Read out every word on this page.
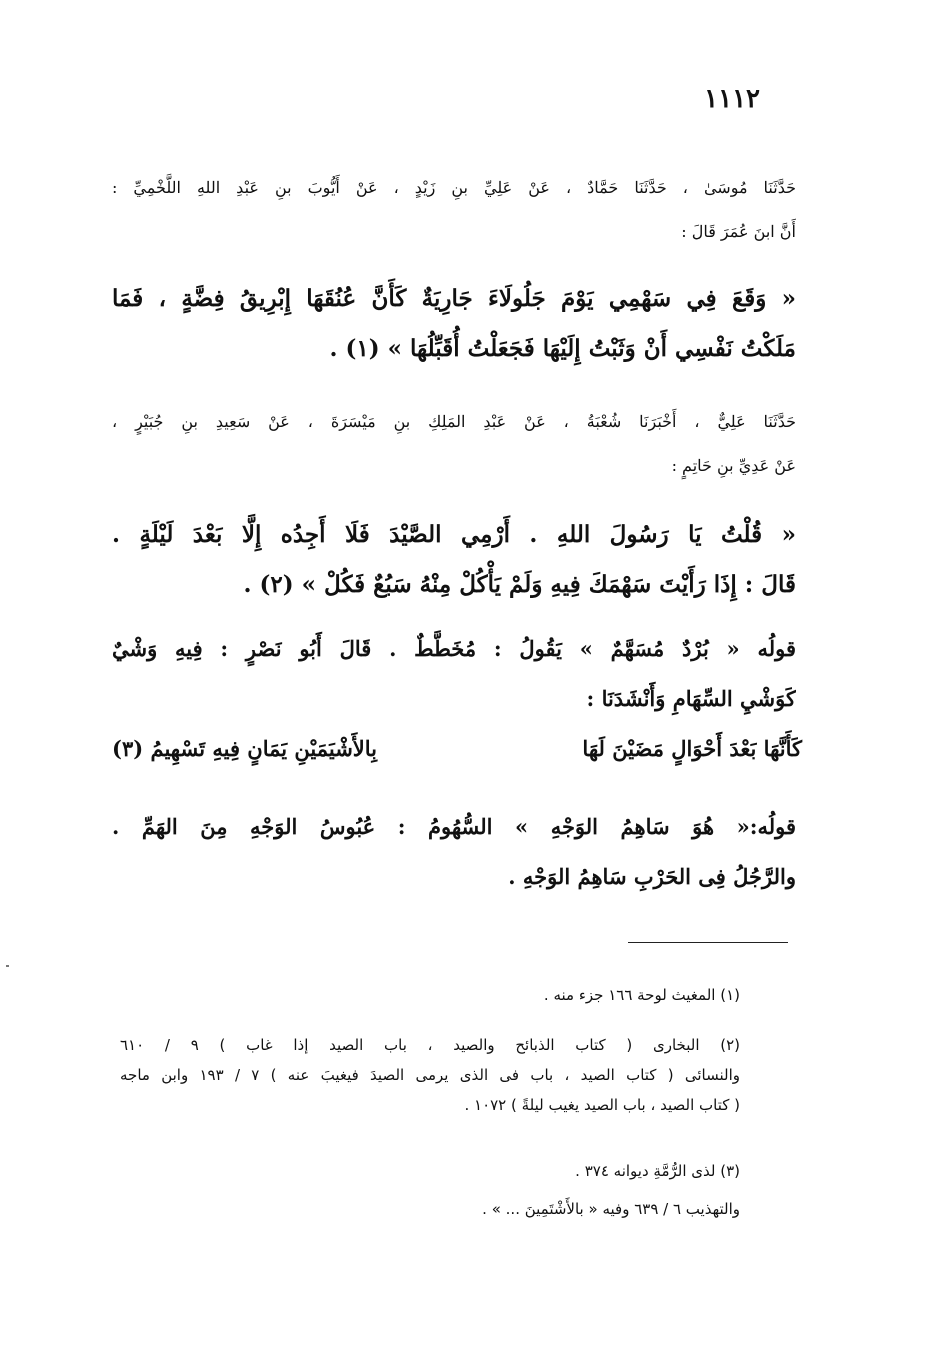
١١١٢
حَدَّثَنَا مُوسَىٰ ، حَدَّثَنَا حَمَّادٌ ، عَنْ عَلِيِّ بنِ زَيْدٍ ، عَنْ أَيُّوبَ بنِ عَبْدِ اللهِ اللَّخْمِيِّ :
أَنَّ ابنَ عُمَرَ قَالَ :
« وَقَعَ فِي سَهْمِي يَوْمَ جَلُولَاءَ جَارِيَةٌ كَأَنَّ عُنُقَهَا إِبْرِيقُ فِضَّةٍ ، فَمَا
مَلَكْتُ نَفْسِي أَنْ وَثَبْتُ إِلَيْهَا فَجَعَلْتُ أُقَبِّلُهَا » (١) .
حَدَّثَنَا عَلِيٌّ ، أَخْبَرَنَا شُعْبَةُ ، عَنْ عَبْدِ المَلِكِ بنِ مَيْسَرَةَ ، عَنْ سَعِيدِ بنِ جُبَيْرٍ ،
عَنْ عَدِيِّ بنِ حَاتِمٍ :
« قُلْتُ يَا رَسُولَ اللهِ . أَرْمِي الصَّيْدَ فَلَا أَجِدُه إِلَّا بَعْدَ لَيْلَةٍ .
قَالَ : إِذَا رَأَيْتَ سَهْمَكَ فِيهِ وَلَمْ يَأْكُلْ مِنْهُ سَبُعٌ فَكُلْ » (٢) .
قولُه « بُرْدٌ مُسَهَّمٌ » يَقُولُ : مُخَطَّطٌ . قَالَ أَبُو نَصْرٍ : فِيهِ وَشْيٌ
كَوَشْيِ السِّهَامِ وَأَنْشَدَنَا :
كَأَنَّهَا بَعْدَ أَحْوَالٍ مَضَيْنَ لَهَا
بِالأَشْيَمَيْنِ يَمَانٍ فِيهِ تَسْهِيمُ (٣)
قولُه:« هُوَ سَاهِمُ الوَجْهِ » السُّهُومُ : عُبُوسُ الوَجْهِ مِنَ الهَمِّ .
والرَّجُلُ فِى الحَرْبِ سَاهِمُ الوَجْهِ .
(١) المغيث لوحة ١٦٦ جزء منه .
(٢) البخارى ( كتاب الذبائح والصيد ، باب الصيد إذا غاب ) ٩ / ٦١٠
والنسائى ( كتاب الصيد ، باب فى الذى يرمى الصيدَ فيغيبَ عنه ) ٧ / ١٩٣ وابن ماجه
( كتاب الصيد ، باب الصيد يغيب ليلةً ) ١٠٧٢ .
(٣) لذى الرُّمَّةِ ديوانه ٣٧٤ .
والتهذيب ٦ / ٦٣٩ وفيه « بالأَشْتَمِينَ ... » .
